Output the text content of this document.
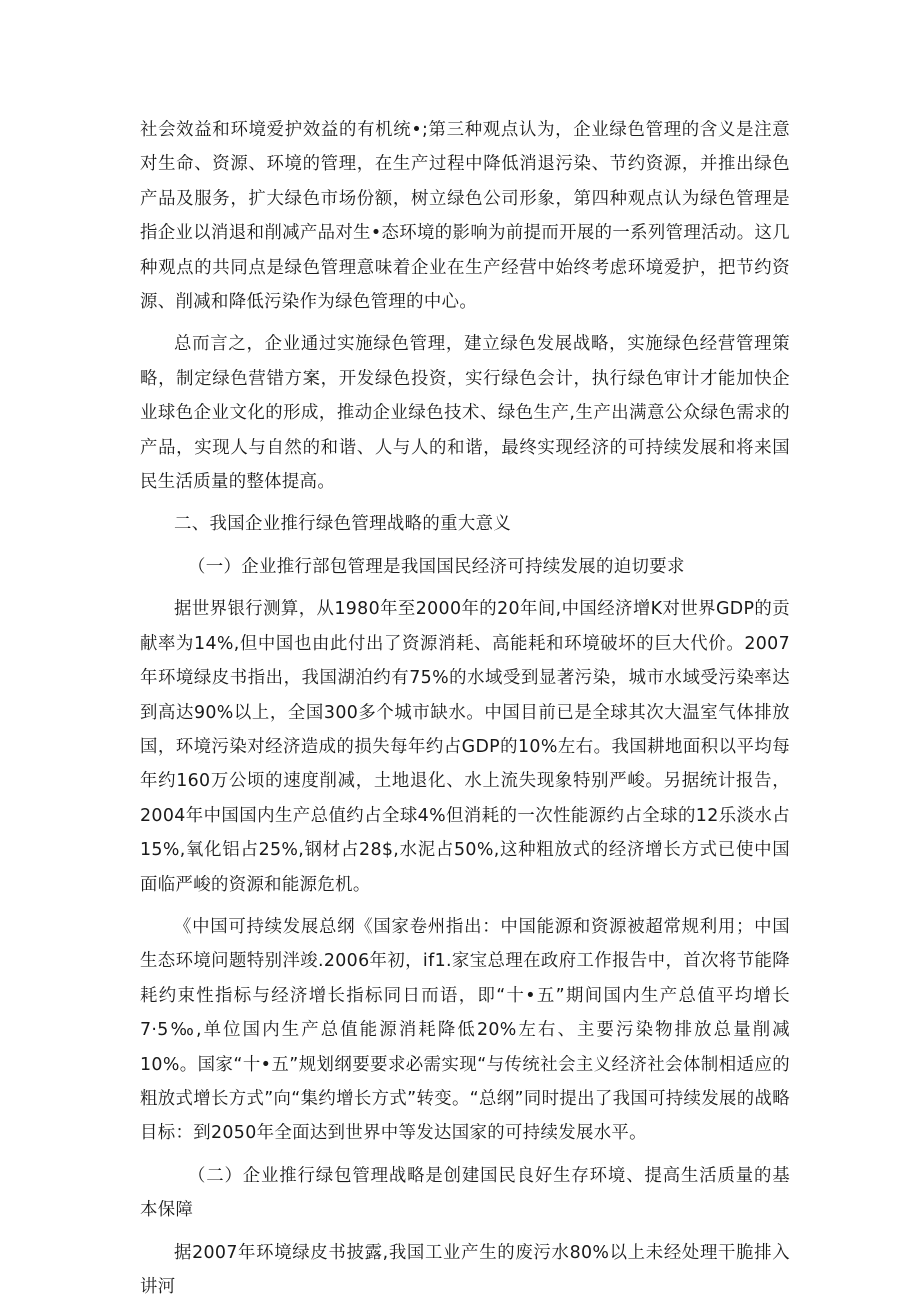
社会效益和环境爱护效益的有机统•;第三种观点认为，企业绿色管理的含义是注意对生命、资源、环境的管理，在生产过程中降低消退污染、节约资源，并推出绿色产品及服务，扩大绿色市场份额，树立绿色公司形象，第四种观点认为绿色管理是指企业以消退和削减产品对生•态环境的影响为前提而开展的一系列管理活动。这几种观点的共同点是绿色管理意味着企业在生产经营中始终考虑环境爱护，把节约资源、削减和降低污染作为绿色管理的中心。

总而言之，企业通过实施绿色管理，建立绿色发展战略，实施绿色经营管理策略，制定绿色营错方案，开发绿色投资，实行绿色会计，执行绿色审计才能加快企业球色企业文化的形成，推动企业绿色技术、绿色生产,生产出满意公众绿色需求的产品，实现人与自然的和谐、人与人的和谐，最终实现经济的可持续发展和将来国民生活质量的整体提高。

二、我国企业推行绿色管理战略的重大意义

（一）企业推行部包管理是我国国民经济可持续发展的迫切要求

据世界银行测算，从1980年至2000年的20年间,中国经济增K对世界GDP的贡献率为14%,但中国也由此付出了资源消耗、高能耗和环境破坏的巨大代价。2007年环境绿皮书指出，我国湖泊约有75%的水域受到显著污染，城市水域受污染率达到高达90%以上，全国300多个城市缺水。中国目前已是全球其次大温室气体排放国，环境污染对经济造成的损失每年约占GDP的10%左右。我国耕地面积以平均每年约160万公顷的速度削减，土地退化、水上流失现象特别严峻。另据统计报告，2004年中国国内生产总值约占全球4%但消耗的一次性能源约占全球的12乐淡水占15%,氧化铝占25%,钢材占28$,水泥占50%,这种粗放式的经济增长方式已使中国面临严峻的资源和能源危机。

《中国可持续发展总纲《国家卷州指出：中国能源和资源被超常规利用；中国生态环境问题特别泮竣.2006年初，if1.家宝总理在政府工作报告中，首次将节能降耗约束性指标与经济增长指标同日而语，即“十•五”期间国内生产总值平均增长7·5‰,单位国内生产总值能源消耗降低20%左右、主要污染物排放总量削减10%。国家“十•五”规划纲要要求必需实现“与传统社会主义经济社会体制相适应的粗放式增长方式”向“集约增长方式”转变。“总纲”同时提出了我国可持续发展的战略目标：到2050年全面达到世界中等发达国家的可持续发展水平。

（二）企业推行绿包管理战略是创建国民良好生存环境、提高生活质量的基本保障

据2007年环境绿皮书披露,我国工业产生的废污水80%以上未经处理干脆排入讲河
